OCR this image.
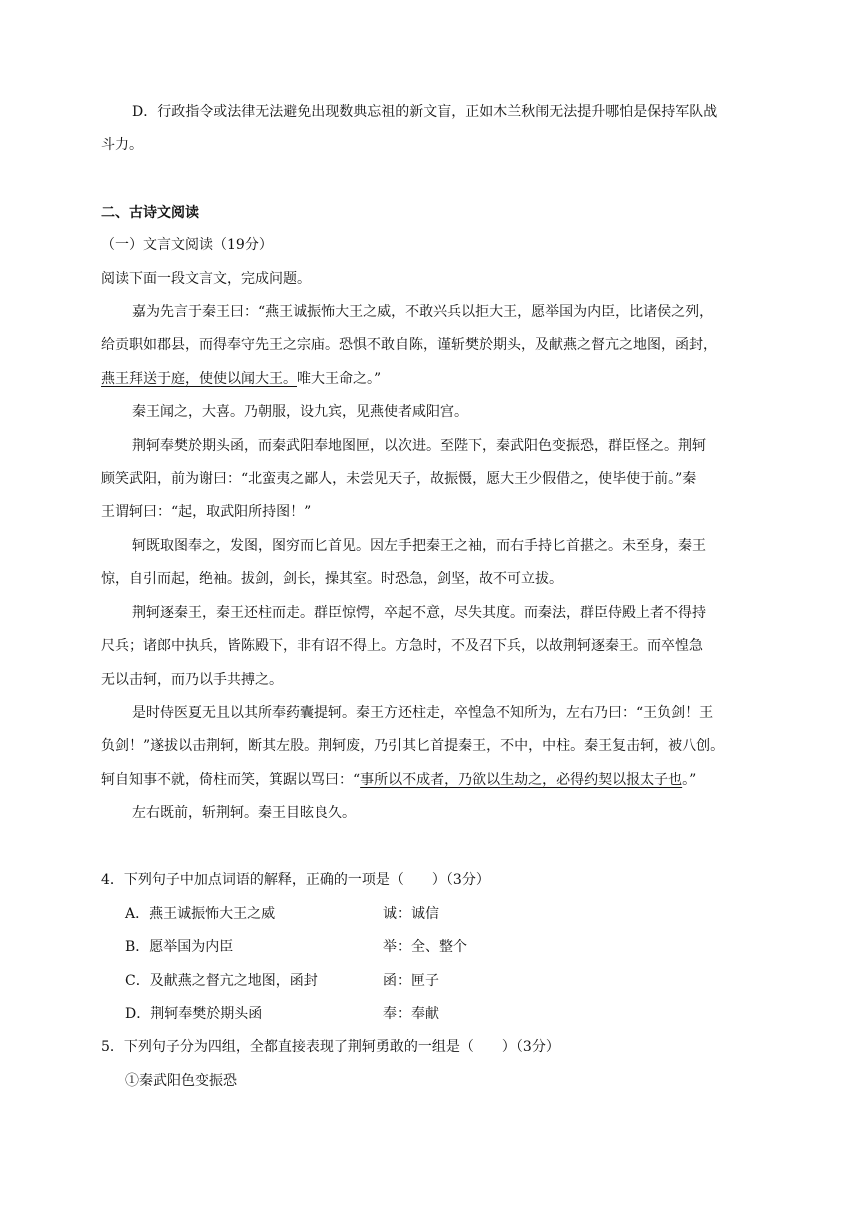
D．行政指令或法律无法避免出现数典忘祖的新文盲，正如木兰秋闱无法提升哪怕是保持军队战
斗力。
二、古诗文阅读
（一）文言文阅读（19分）
阅读下面一段文言文，完成问题。
嘉为先言于秦王曰：“燕王诚振怖大王之威，不敢兴兵以拒大王，愿举国为内臣，比诸侯之列，
给贡职如郡县，而得奉守先王之宗庙。恐惧不敢自陈，谨斩樊於期头，及献燕之督亢之地图，函封，
燕王拜送于庭，使使以闻大王。唯大王命之。”
秦王闻之，大喜。乃朝服，设九宾，见燕使者咸阳宫。
荆轲奉樊於期头函，而秦武阳奉地图匣，以次进。至陛下，秦武阳色变振恐，群臣怪之。荆轲
顾笑武阳，前为谢曰：“北蛮夷之鄙人，未尝见天子，故振慑，愿大王少假借之，使毕使于前。”秦
王谓轲曰：“起，取武阳所持图！”
轲既取图奉之，发图，图穷而匕首见。因左手把秦王之袖，而右手持匕首揕之。未至身，秦王
惊，自引而起，绝袖。拔剑，剑长，操其室。时恐急，剑坚，故不可立拔。
荆轲逐秦王，秦王还柱而走。群臣惊愕，卒起不意，尽失其度。而秦法，群臣侍殿上者不得持
尺兵；诸郎中执兵，皆陈殿下，非有诏不得上。方急时，不及召下兵，以故荆轲逐秦王。而卒惶急
无以击轲，而乃以手共搏之。
是时侍医夏无且以其所奉药囊提轲。秦王方还柱走，卒惶急不知所为，左右乃曰：“王负剑！王
负剑！”遂拔以击荆轲，断其左股。荆轲废，乃引其匕首提秦王，不中，中柱。秦王复击轲，被八创。
轲自知事不就，倚柱而笑，箕踞以骂曰：“事所以不成者，乃欲以生劫之，必得约契以报太子也。”
左右既前，斩荆轲。秦王目眩良久。
4．下列句子中加点词语的解释，正确的一项是（　　）（3分）
A．燕王诚振怖大王之威	诚：诚信
B．愿举国为内臣	举：全、整个
C．及献燕之督亢之地图，函封	函：匣子
D．荆轲奉樊於期头函	奉：奉献
5．下列句子分为四组，全都直接表现了荆轲勇敢的一组是（　　）（3分）
①秦武阳色变振恐
